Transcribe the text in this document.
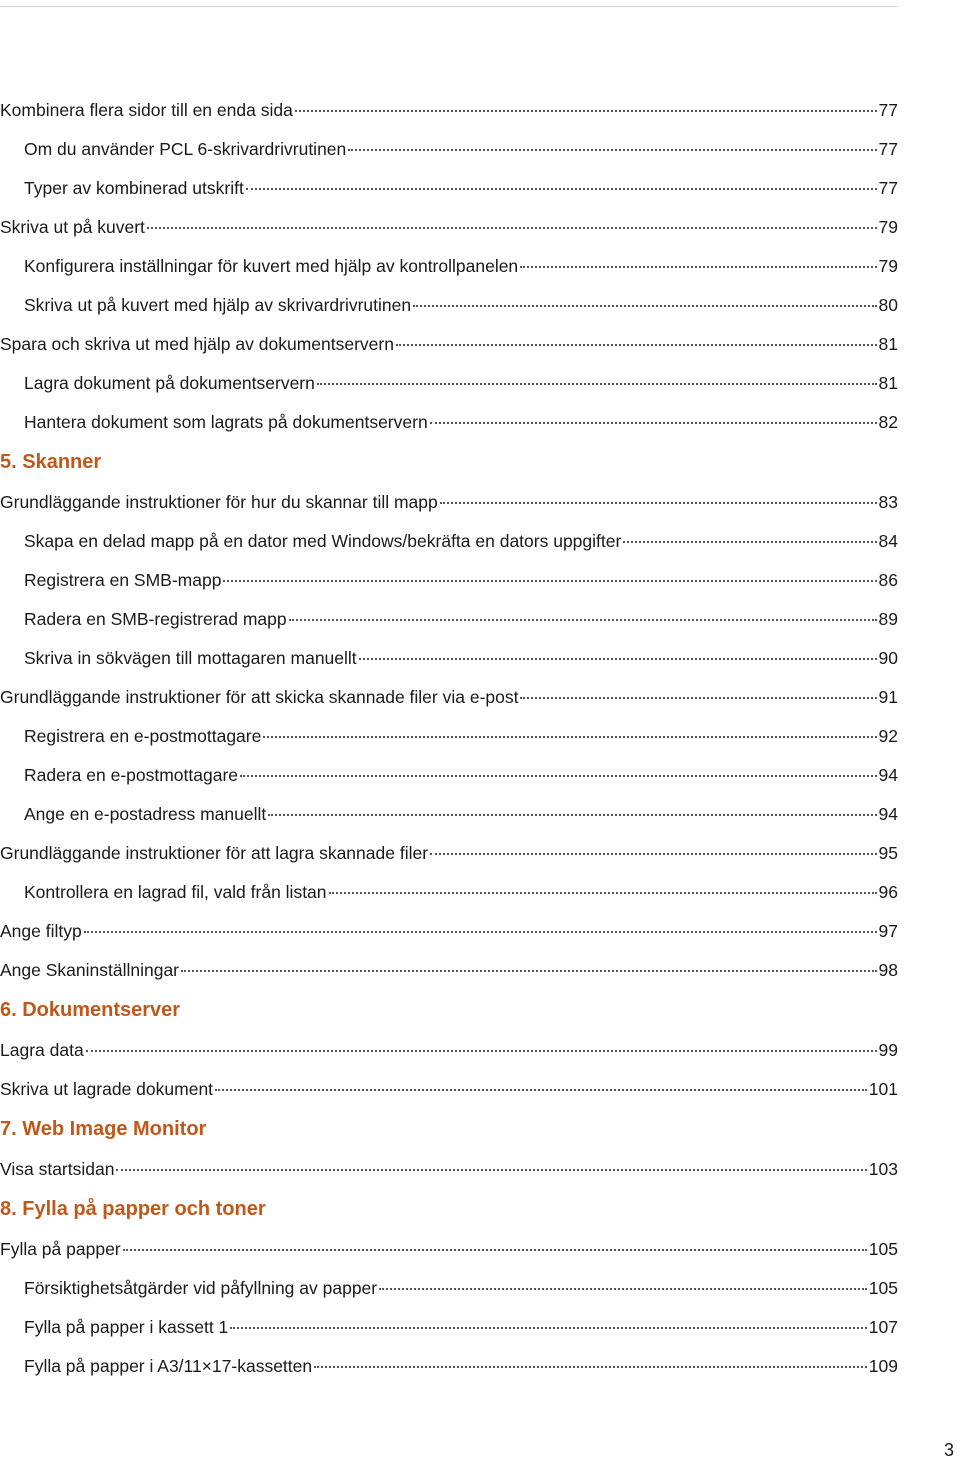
Kombinera flera sidor till en enda sida	77
Om du använder PCL 6-skrivardrivrutinen	77
Typer av kombinerad utskrift	77
Skriva ut på kuvert	79
Konfigurera inställningar för kuvert med hjälp av kontrollpanelen	79
Skriva ut på kuvert med hjälp av skrivardrivrutinen	80
Spara och skriva ut med hjälp av dokumentservern	81
Lagra dokument på dokumentservern	81
Hantera dokument som lagrats på dokumentservern	82
5. Skanner
Grundläggande instruktioner för hur du skannar till mapp	83
Skapa en delad mapp på en dator med Windows/bekräfta en dators uppgifter	84
Registrera en SMB-mapp	86
Radera en SMB-registrerad mapp	89
Skriva in sökvägen till mottagaren manuellt	90
Grundläggande instruktioner för att skicka skannade filer via e-post	91
Registrera en e-postmottagare	92
Radera en e-postmottagare	94
Ange en e-postadress manuellt	94
Grundläggande instruktioner för att lagra skannade filer	95
Kontrollera en lagrad fil, vald från listan	96
Ange filtyp	97
Ange Skaninställningar	98
6. Dokumentserver
Lagra data	99
Skriva ut lagrade dokument	101
7. Web Image Monitor
Visa startsidan	103
8. Fylla på papper och toner
Fylla på papper	105
Försiktighetsåtgärder vid påfyllning av papper	105
Fylla på papper i kassett 1	107
Fylla på papper i A3/11×17-kassetten	109
3
